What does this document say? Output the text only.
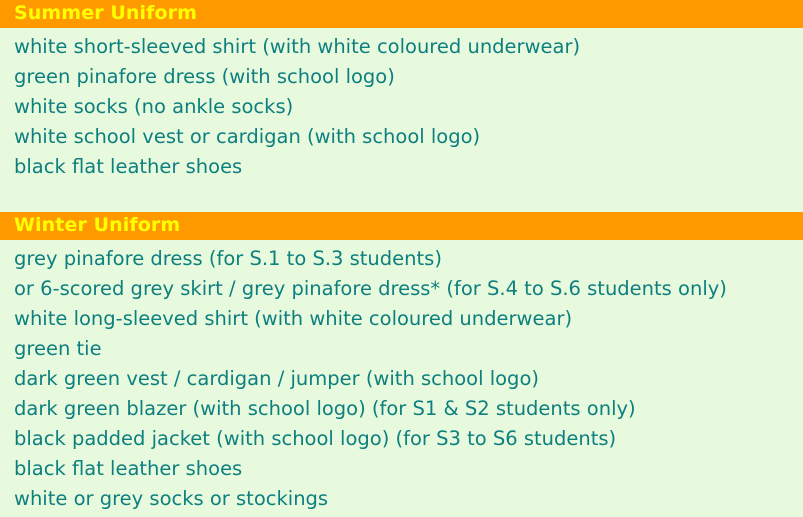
Summer Uniform
white short-sleeved shirt (with white coloured underwear)
green pinafore dress (with school logo)
white socks (no ankle socks)
white school vest or cardigan (with school logo)
black flat leather shoes
Winter Uniform
grey pinafore dress (for S.1 to S.3 students)
or 6-scored grey skirt / grey pinafore dress* (for S.4 to S.6 students only)
white long-sleeved shirt (with white coloured underwear)
green tie
dark green vest / cardigan / jumper (with school logo)
dark green blazer (with school logo) (for S1 & S2 students only)
black padded jacket (with school logo) (for S3 to S6 students)
black flat leather shoes
white or grey socks or stockings
